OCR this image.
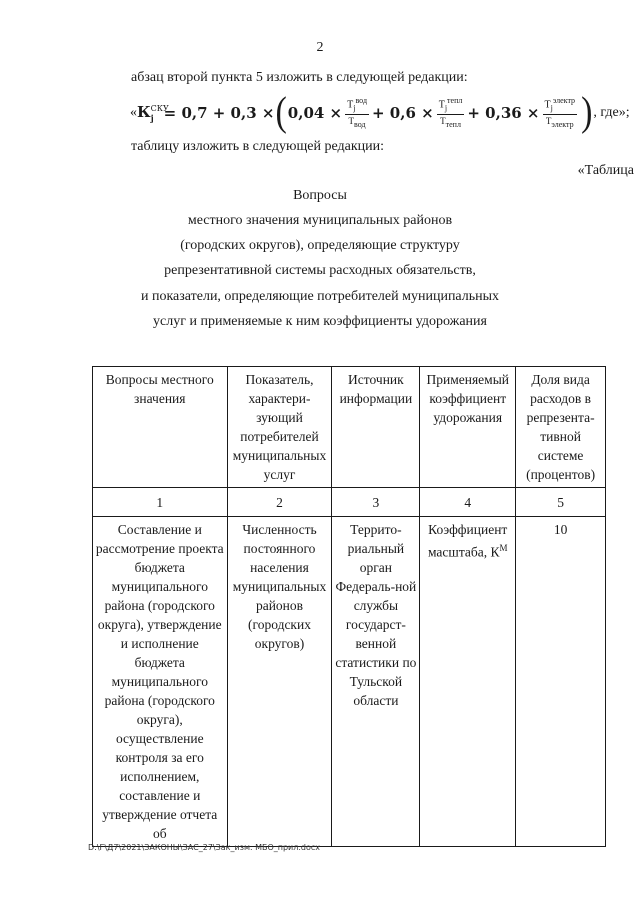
2
абзац второй пункта 5 изложить в следующей редакции:
« $К^{СКУ}_j = 0,7 + 0,3$ × ( $0,04 \times \frac{Т_j^{вод}}{\text{Твод}} + 0,6 \times \frac{Т_j^{тепл}}{\text{Ттепл}} + 0,36 \times \frac{Т_j^{электр}}{\text{Тэлектр}}$ ) , где»;
таблицу изложить в следующей редакции:
«Таблица
Вопросы
местного значения муниципальных районов
(городских округов), определяющие структуру
репрезентативной системы расходных обязательств,
и показатели, определяющие потребителей муниципальных
услуг и применяемые к ним коэффициенты удорожания
Вопросы местного значения	Показатель, характери-зующий потребителей муниципальных услуг	Источник информации	Применяемый коэффициент удорожания	Доля вида расходов в репрезента-тивной системе (процентов)
1	2	3	4	5
Составление и рассмотрение проекта бюджета муниципального района (городского округа), утверждение и исполнение бюджета муниципального района (городского округа), осуществление контроля за его исполнением, составление и утверждение отчета об	Численность постоянного населения муниципальных районов (городских округов)	Террито-риальный орган Федераль-ной службы государст-венной статистики по Тульской области	Коэффициент масштаба, $К^М$	10
D:\Г\Д7\2021\ЗАКОНЫ\ЗАС_27\Зак_изм. МБО_прил.docx
